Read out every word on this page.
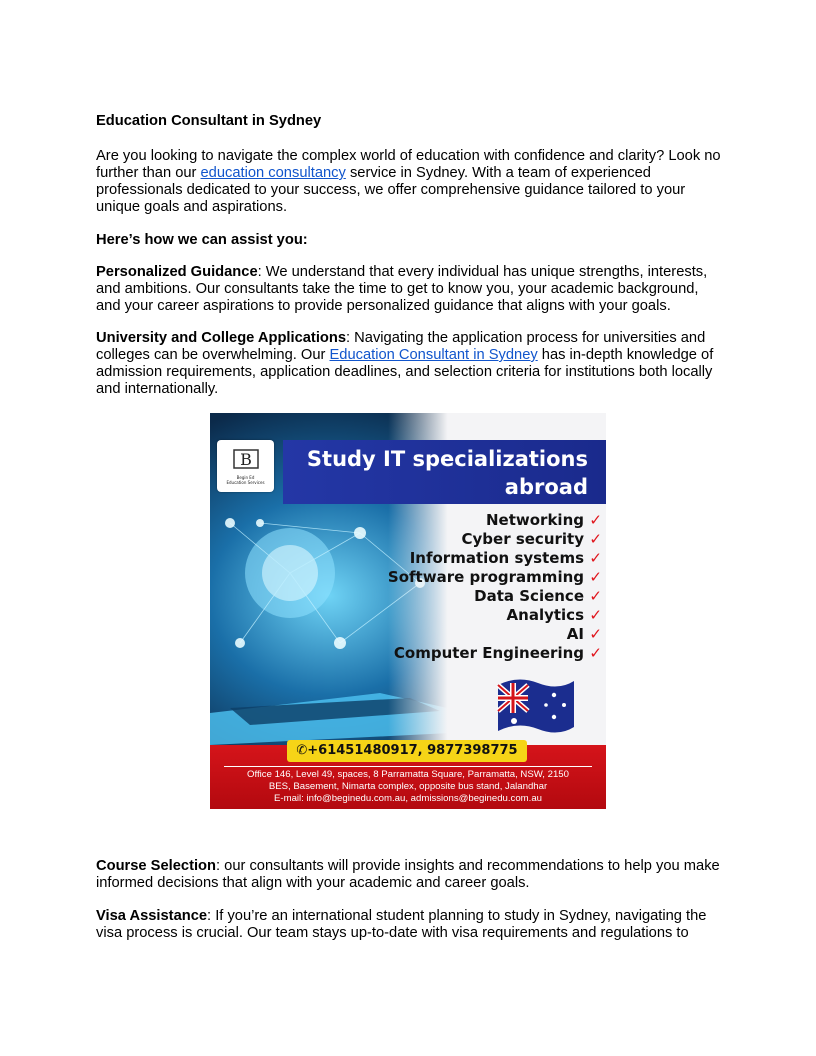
Education Consultant in Sydney
Are you looking to navigate the complex world of education with confidence and clarity? Look no further than our education consultancy service in Sydney. With a team of experienced professionals dedicated to your success, we offer comprehensive guidance tailored to your unique goals and aspirations.
Here’s how we can assist you:
Personalized Guidance: We understand that every individual has unique strengths, interests, and ambitions. Our consultants take the time to get to know you, your academic background, and your career aspirations to provide personalized guidance that aligns with your goals.
University and College Applications: Navigating the application process for universities and colleges can be overwhelming. Our Education Consultant in Sydney has in-depth knowledge of admission requirements, application deadlines, and selection criteria for institutions both locally and internationally.
Course Selection: our consultants will provide insights and recommendations to help you make informed decisions that align with your academic and career goals.
Visa Assistance: If you’re an international student planning to study in Sydney, navigating the visa process is crucial. Our team stays up-to-date with visa requirements and regulations to
B
Begin Ed
Education Services
Study IT specializations
abroad
Networking ✓
Cyber security ✓
Information systems ✓
Software programming ✓
Data Science ✓
Analytics ✓
AI ✓
Computer Engineering ✓
✆+61451480917, 9877398775
Office 146, Level 49, spaces, 8 Parramatta Square, Parramatta, NSW, 2150
BES, Basement, Nimarta complex, opposite bus stand, Jalandhar
E-mail: info@beginedu.com.au, admissions@beginedu.com.au
